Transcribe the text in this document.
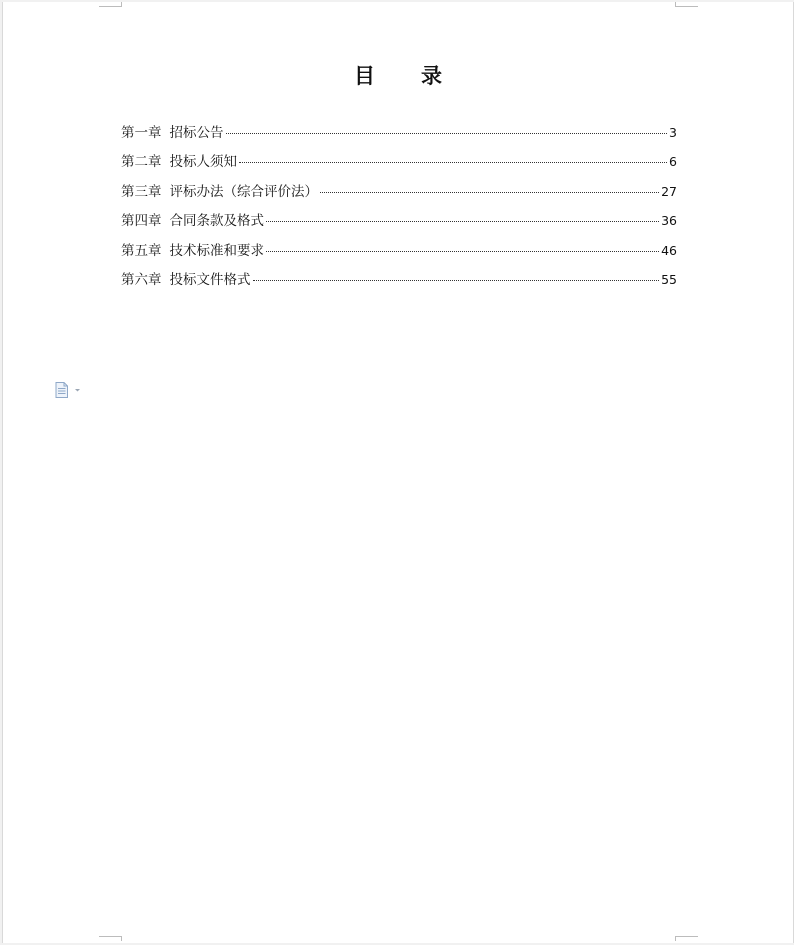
目 录
第一章 招标公告	3
第二章 投标人须知	6
第三章 评标办法（综合评价法）	27
第四章 合同条款及格式	36
第五章 技术标准和要求	46
第六章 投标文件格式	55
